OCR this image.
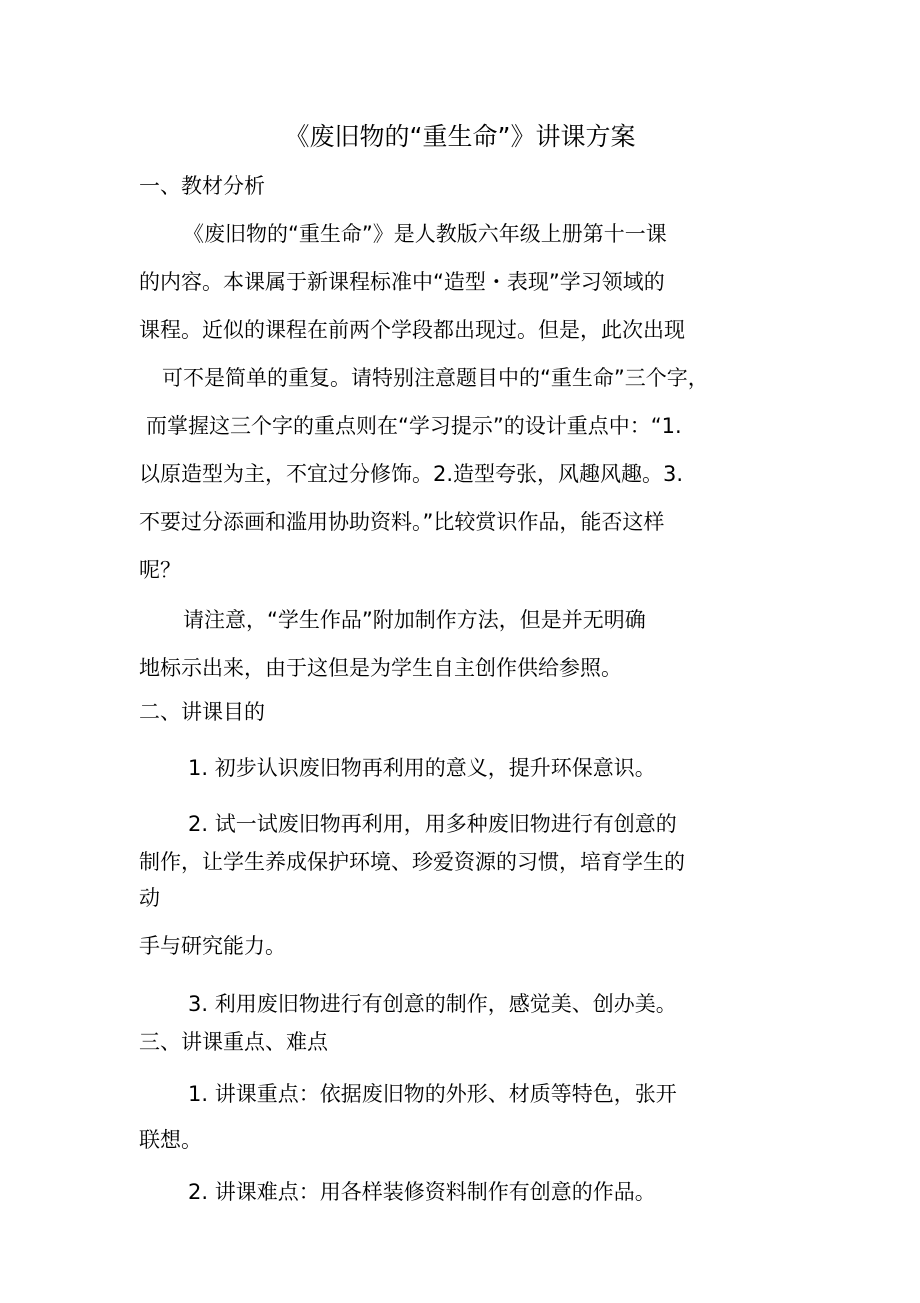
《废旧物的“重生命”》讲课方案

一、教材分析

《废旧物的“重生命”》是人教版六年级上册第十一课

的内容。本课属于新课程标准中“造型・表现”学习领域的

课程。近似的课程在前两个学段都出现过。但是，此次出现

可不是简单的重复。请特别注意题目中的“重生命”三个字，

而掌握这三个字的重点则在“学习提示”的设计重点中：“1.

以原造型为主，不宜过分修饰。2.造型夸张，风趣风趣。3.

不要过分添画和滥用协助资料。”比较赏识作品，能否这样

呢？

请注意，“学生作品”附加制作方法，但是并无明确

地标示出来，由于这但是为学生自主创作供给参照。

二、讲课目的

1. 初步认识废旧物再利用的意义，提升环保意识。

2. 试一试废旧物再利用，用多种废旧物进行有创意的

制作，让学生养成保护环境、珍爱资源的习惯，培育学生的

动

手与研究能力。

3. 利用废旧物进行有创意的制作，感觉美、创办美。

三、讲课重点、难点

1. 讲课重点：依据废旧物的外形、材质等特色，张开

联想。

2. 讲课难点：用各样装修资料制作有创意的作品。
